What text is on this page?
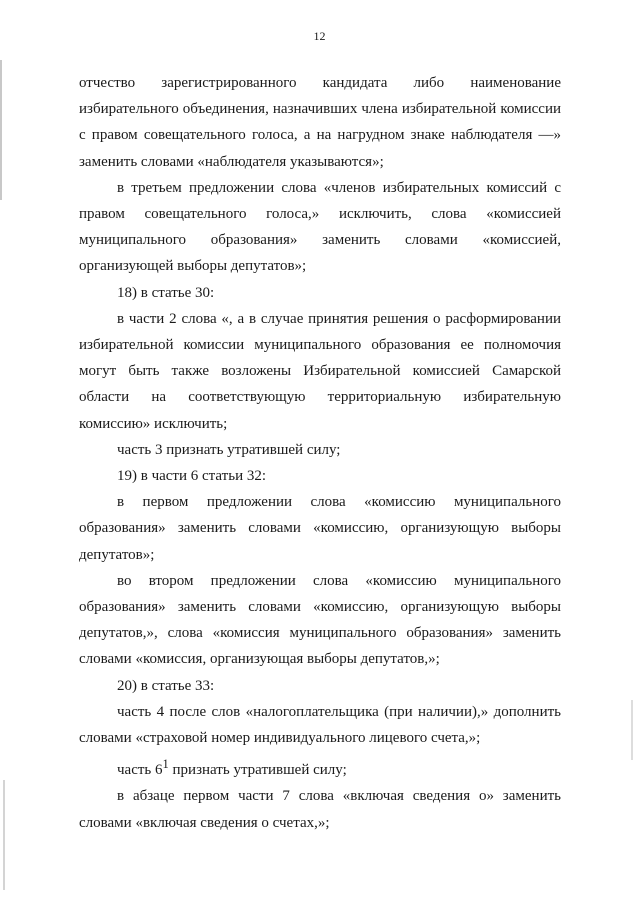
12

отчество зарегистрированного кандидата либо наименование избирательного объединения, назначивших члена избирательной комиссии с правом совещательного голоса, а на нагрудном знаке наблюдателя —» заменить словами «наблюдателя указываются»;

в третьем предложении слова «членов избирательных комиссий с правом совещательного голоса,» исключить, слова «комиссией муниципального образования» заменить словами «комиссией, организующей выборы депутатов»;

18) в статье 30:

в части 2 слова «, а в случае принятия решения о расформировании избирательной комиссии муниципального образования ее полномочия могут быть также возложены Избирательной комиссией Самарской области на соответствующую территориальную избирательную комиссию» исключить;

часть 3 признать утратившей силу;

19) в части 6 статьи 32:

в первом предложении слова «комиссию муниципального образования» заменить словами «комиссию, организующую выборы депутатов»;

во втором предложении слова «комиссию муниципального образования» заменить словами «комиссию, организующую выборы депутатов,», слова «комиссия муниципального образования» заменить словами «комиссия, организующая выборы депутатов,»;

20) в статье 33:

часть 4 после слов «налогоплательщика (при наличии),» дополнить словами «страховой номер индивидуального лицевого счета,»;

часть $6^1$ признать утратившей силу;

в абзаце первом части 7 слова «включая сведения о» заменить словами «включая сведения о счетах,»;
